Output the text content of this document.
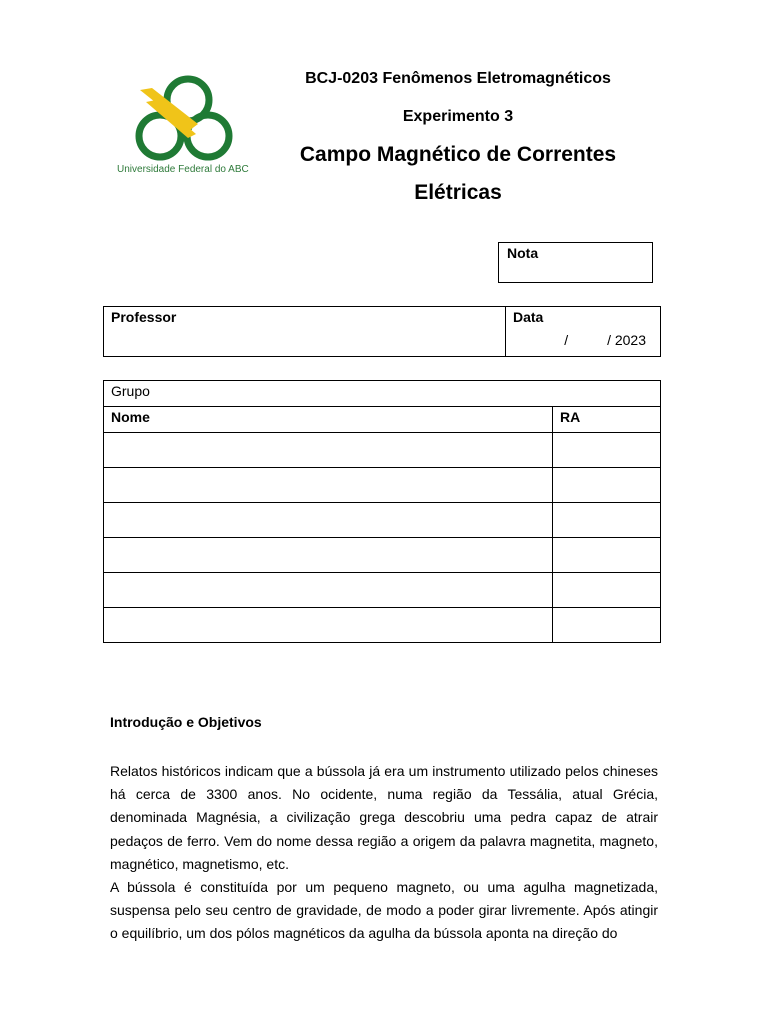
Universidade Federal do ABC
BCJ-0203 Fenômenos Eletromagnéticos
Experimento 3
Campo Magnético de Correntes
Elétricas
Nota
Professor	Data
/          / 2023
Grupo	
Nome	RA

Introdução e Objetivos

Relatos históricos indicam que a bússola já era um instrumento utilizado pelos chineses há cerca de 3300 anos. No ocidente, numa região da Tessália, atual Grécia, denominada Magnésia, a civilização grega descobriu uma pedra capaz de atrair pedaços de ferro. Vem do nome dessa região a origem da palavra magnetita, magneto, magnético, magnetismo, etc.

A bússola é constituída por um pequeno magneto, ou uma agulha magnetizada, suspensa pelo seu centro de gravidade, de modo a poder girar livremente. Após atingir o equilíbrio, um dos pólos magnéticos da agulha da bússola aponta na direção do
